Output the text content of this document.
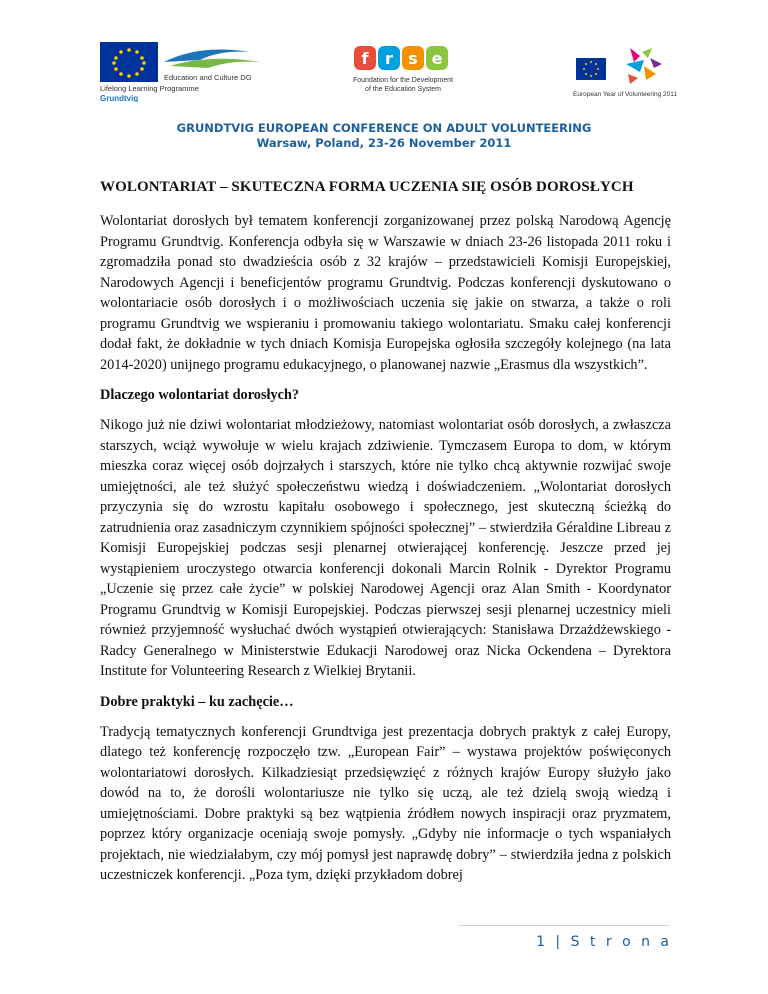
Education and Culture DG
Lifelong Learning Programme
Grundtvig
f r s e
Foundation for the Development
of the Education System
European Year of Volunteering 2011
GRUNDTVIG EUROPEAN CONFERENCE ON ADULT VOLUNTEERING
Warsaw, Poland, 23-26 November 2011
WOLONTARIAT – SKUTECZNA FORMA UCZENIA SIĘ OSÓB DOROSŁYCH

Wolontariat dorosłych był tematem konferencji zorganizowanej przez polską Narodową Agencję Programu Grundtvig. Konferencja odbyła się w Warszawie w dniach 23-26 listopada 2011 roku i zgromadziła ponad sto dwadzieścia osób z 32 krajów – przedstawicieli Komisji Europejskiej, Narodowych Agencji i beneficjentów programu Grundtvig. Podczas konferencji dyskutowano o wolontariacie osób dorosłych i o możliwościach uczenia się jakie on stwarza, a także o roli programu Grundtvig we wspieraniu i promowaniu takiego wolontariatu. Smaku całej konferencji dodał fakt, że dokładnie w tych dniach Komisja Europejska ogłosiła szczegóły kolejnego (na lata 2014-2020) unijnego programu edukacyjnego, o planowanej nazwie „Erasmus dla wszystkich”.

Dlaczego wolontariat dorosłych?

Nikogo już nie dziwi wolontariat młodzieżowy, natomiast wolontariat osób dorosłych, a zwłaszcza starszych, wciąż wywołuje w wielu krajach zdziwienie. Tymczasem Europa to dom, w którym mieszka coraz więcej osób dojrzałych i starszych, które nie tylko chcą aktywnie rozwijać swoje umiejętności, ale też służyć społeczeństwu wiedzą i doświadczeniem. „Wolontariat dorosłych przyczynia się do wzrostu kapitału osobowego i społecznego, jest skuteczną ścieżką do zatrudnienia oraz zasadniczym czynnikiem spójności społecznej” – stwierdziła Géraldine Libreau z Komisji Europejskiej podczas sesji plenarnej otwierającej konferencję. Jeszcze przed jej wystąpieniem uroczystego otwarcia konferencji dokonali Marcin Rolnik - Dyrektor Programu „Uczenie się przez całe życie” w polskiej Narodowej Agencji oraz Alan Smith - Koordynator Programu Grundtvig w Komisji Europejskiej. Podczas pierwszej sesji plenarnej uczestnicy mieli również przyjemność wysłuchać dwóch wystąpień otwierających: Stanisława Drzażdżewskiego - Radcy Generalnego w Ministerstwie Edukacji Narodowej oraz Nicka Ockendena – Dyrektora Institute for Volunteering Research z Wielkiej Brytanii.

Dobre praktyki – ku zachęcie…

Tradycją tematycznych konferencji Grundtviga jest prezentacja dobrych praktyk z całej Europy, dlatego też konferencję rozpoczęło tzw. „European Fair” – wystawa projektów poświęconych wolontariatowi dorosłych. Kilkadziesiąt przedsięwzięć z różnych krajów Europy służyło jako dowód na to, że dorośli wolontariusze nie tylko się uczą, ale też dzielą swoją wiedzą i umiejętnościami. Dobre praktyki są bez wątpienia źródłem nowych inspiracji oraz pryzmatem, poprzez który organizacje oceniają swoje pomysły. „Gdyby nie informacje o tych wspaniałych projektach, nie wiedziałabym, czy mój pomysł jest naprawdę dobry” – stwierdziła jedna z polskich uczestniczek konferencji. „Poza tym, dzięki przykładom dobrej

1 | S t r o n a
